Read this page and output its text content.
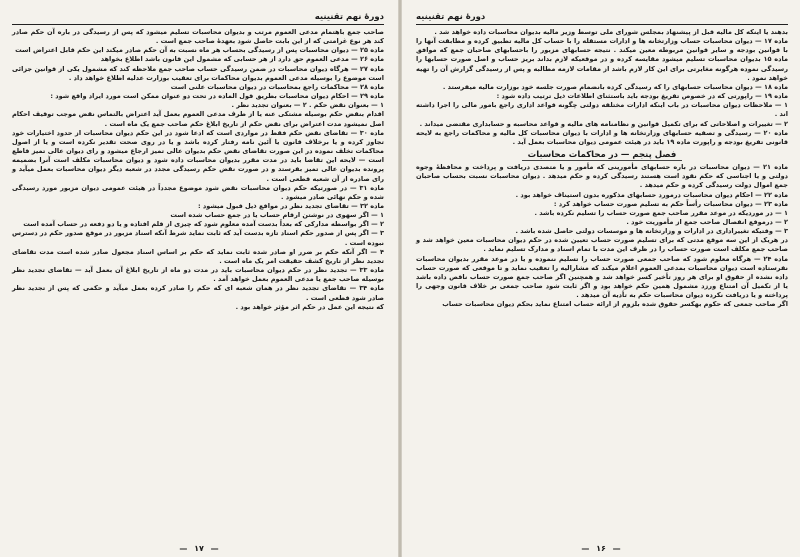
دورهٔ نهم تقنینیه

صاحب جمع باهتمام مدعی العموم مرتب و بدیوان محاسبات تسلیم میشود که پس از رسیدگی در باره آن حکم صادر کند هر نوع غرامتی که از این بابت حاصل شود بعهدهٔ صاحب جمع است .

ماده ۲۵ — دیوان محاسبات پس از رسیدگی بحساب هر ماه نسبت به آن حکم صادر میکند این حکم قابل اعتراض است

ماده ۲۶ — مدعی العموم حق دارد از هر حسابی که مشمول این قانون باشد اطلاع بخواهد

ماده ۲۷ — هرگاه دیوان محاسبات در ضمن رسیدگی حساب صاحب جمع ملاحظه کند که مشمول یکی از قوانین جزائی است موضوع را بوسیله مدعی العموم بدیوان محاکمات برای تعقیب بوزارت عدلیه اطلاع خواهد داد .

ماده ۲۸ — محاکمات راجع بمحاسبات در دیوان محاسبات علنی است

ماده ۲۹ — احکام دیوان محاسبات بطریق قول الماده در تحت دو عنوان ممکن است مورد ایراد واقع شود :

۱ — بعنوان نقض حکم . ۲ — بعنوان تجدید نظر .

اقدام بنقض حکم بوسیله مشتکی عنه یا از طرف مدعی العموم بعمل آید اعتراض بالتماس نقض موجب توقیف احکام اصل نمیشود مدت اعتراض برای نقض حکم از تاریخ ابلاغ حکم صاحب جمع یک ماه است .

ماده ۳۰ — تقاضای نقض حکم فقط در مواردی است که ادعا شود در این حکم دیوان محاسبات از حدود اختیارات خود تجاوز کرده و یا برخلاف قانون یا آئین نامه رفتار کرده باشد و یا در روی صحت تقدیر نکرده است و یا از اصول محاکمات تخلف نموده در این صورت تقاضای نقض حکم بدیوان عالی تمیز ارجاع میشود و رای دیوان عالی تمیز قاطع است — لایحه این تقاضا باید در مدت مقرر بدیوان محاسبات داده شود و دیوان محاسبات مکلف است آنرا بضمیمه پرونده بدیوان عالی تمیز بفرستد و در صورت نقض حکم رسیدگی مجدد در شعبه دیگر دیوان محاسبات بعمل میآید و رای صادره از آن شعبه قطعی است .

ماده ۳۱ — در صورتیکه حکم دیوان محاسبات نقض شود موضوع مجدداً در هیئت عمومی دیوان مزبور مورد رسیدگی شده و حکم نهائی صادر میشود .

ماده ۳۲ — تقاضای تجدید نظر در مواقع ذیل قبول میشود :

۱ — اگر سهوی در نوشتن ارقام حساب یا در جمع حساب شده است

۲ — اگر بواسطه مدارکی که بعداً بدست آمده معلوم شود که چیزی از قلم افتاده و یا دو دفعه در حساب آمده است

۳ — اگر پس از صدور حکم اسناد تازه بدست آید که ثابت نماید شرط آنکه اسناد مزبور در موقع صدور حکم در دسترس نبوده است .

۴ — اگر آنکه حکم بر ضرر او صادر شده ثابت نماید که حکم بر اساس اسناد مجعول صادر شده است مدت تقاضای تجدید نظر از تاریخ کشف حقیقت امر یک ماه است .

ماده ۳۳ — تجدید نظر در حکم دیوان محاسبات باید در مدت دو ماه از تاریخ ابلاغ آن بعمل آید — تقاضای تجدید نظر بوسیله صاحب جمع یا مدعی العموم بعمل خواهد آمد .

ماده ۳۴ — تقاضای تجدید نظر در همان شعبه ای که حکم را صادر کرده بعمل میآید و حکمی که پس از تجدید نظر صادر شود قطعی است .

که نتیجه این عمل در حکم اثر مؤثر خواهد بود .

— ۱۷ —
دورهٔ نهم تقنینیه

بدهند یا اینکه کل مالیه قبل از پیشنهاد بمجلس شورای ملی توسط وزیر مالیه بدیوان محاسبات داده خواهد شد .

ماده ۱۷ — دیوان محاسبات حساب وزارتخانه ها و ادارات مستقله را با حساب کل مالیه تطبیق کرده و مطابقت آنها را با قوانین بودجه و سایر قوانین مربوطه معین میکند . نتیجه حسابهای مزبور را باحسابهای صاحبان جمع که موافق ماده ۱۵ بدیوان محاسبات تسلیم میشود مقایسه کرده و در موقعیکه لازم بداند بریز حساب و اصل صورت حسابها را رسیدگی نموده هرگونه مغایرتی برای این کار لازم باشد از مقامات لازمه مطالبه و پس از رسیدگی گزارش آن را تهیه خواهد نمود .

ماده ۱۸ — دیوان محاسبات حسابهای را که رسیدگی کرده بانضمام صورت جلسه خود بوزارت مالیه میفرستد .

ماده ۱۹ — راپورتی که در خصوص تفریغ بودجه باید باستثنای اطلاعات ذیل ترتیب داده شود :

۱ — ملاحظات دیوان محاسبات در باب اینکه ادارات مختلفه دولتی چگونه قواعد اداری راجع بامور مالی را اجرا داشته اند .

۲ — تغییرات و اصلاحاتی که برای تکمیل قوانین و نظامنامه های مالیه و قواعد محاسبه و حسابداری مقتضی میداند .

ماده ۲۰ — رسیدگی و تصفیه حسابهای وزارتخانه ها و ادارات با دیوان محاسبات کل مالیه و محاکمات راجع به لایحه قانونی تفریغ بودجه و راپورت ماده ۱۹ باید در هیئت عمومی دیوان محاسبات بعمل آید .

فصل پنجم — در محاکمات محاسبات

ماده ۲۱ — دیوان محاسبات در باره حسابهای مأمورینی که مأمور و یا متصدی دریافت و پرداخت و محافظهٔ وجوه دولتی و یا اجناسی که حکم نقود است هستند رسیدگی کرده و حکم میدهد . دیوان محاسبات نسبت بحساب صاحبان جمع اموال دولت رسیدگی کرده و حکم میدهد .

ماده ۲۲ — احکام دیوان محاسبات درمورد حسابهای مذکوره بدون استیناف خواهد بود .

ماده ۲۳ — دیوان محاسبات رأساً حکم به تسلیم صورت حساب خواهد کرد :

۱ — در موردیکه در موعد مقرر صاحب جمع صورت حساب را تسلیم نکرده باشد .

۲ — درموقع انفصال صاحب جمع از مأموریت خود .

۳ — وقتیکه تغییراداری در ادارات و وزارتخانه ها و موسسات دولتی حاصل شده باشد .

در هریک از این سه موقع مدتی که برای تسلیم صورت حساب تعیین شده در حکم دیوان محاسبات معین خواهد شد و صاحب جمع مکلف است صورت حساب را در ظرف این مدت با تمام اسناد و مدارک تسلیم نماید .

ماده ۲۴ — هرگاه معلوم شود که صاحب جمعی صورت حساب را تسلیم ننموده و یا در موعد مقرر بدیوان محاسبات نفرستاده است دیوان محاسبات بمدعی العموم اعلام میکند که مشارالیه را تعقیب نماید و تا موقعی که صورت حساب داده نشده از حقوق او برای هر روز تأخیر کسر خواهد شد و همچنین اگر صاحب جمع صورت حساب ناقص داده باشد یا از تکمیل آن امتناع ورزد مشمول همین حکم خواهد بود و اگر ثابت شود صاحب جمعی بر خلاف قانون وجهی را پرداخته و یا دریافت نکرده دیوان محاسبات حکم به تأدیه آن میدهد .

اگر صاحب جمعی که حکوم بهکسر حقوق شده بلزوم از ارائه حساب امتناع نماید بحکم دیوان محاسبات حساب

— ۱۶ —
